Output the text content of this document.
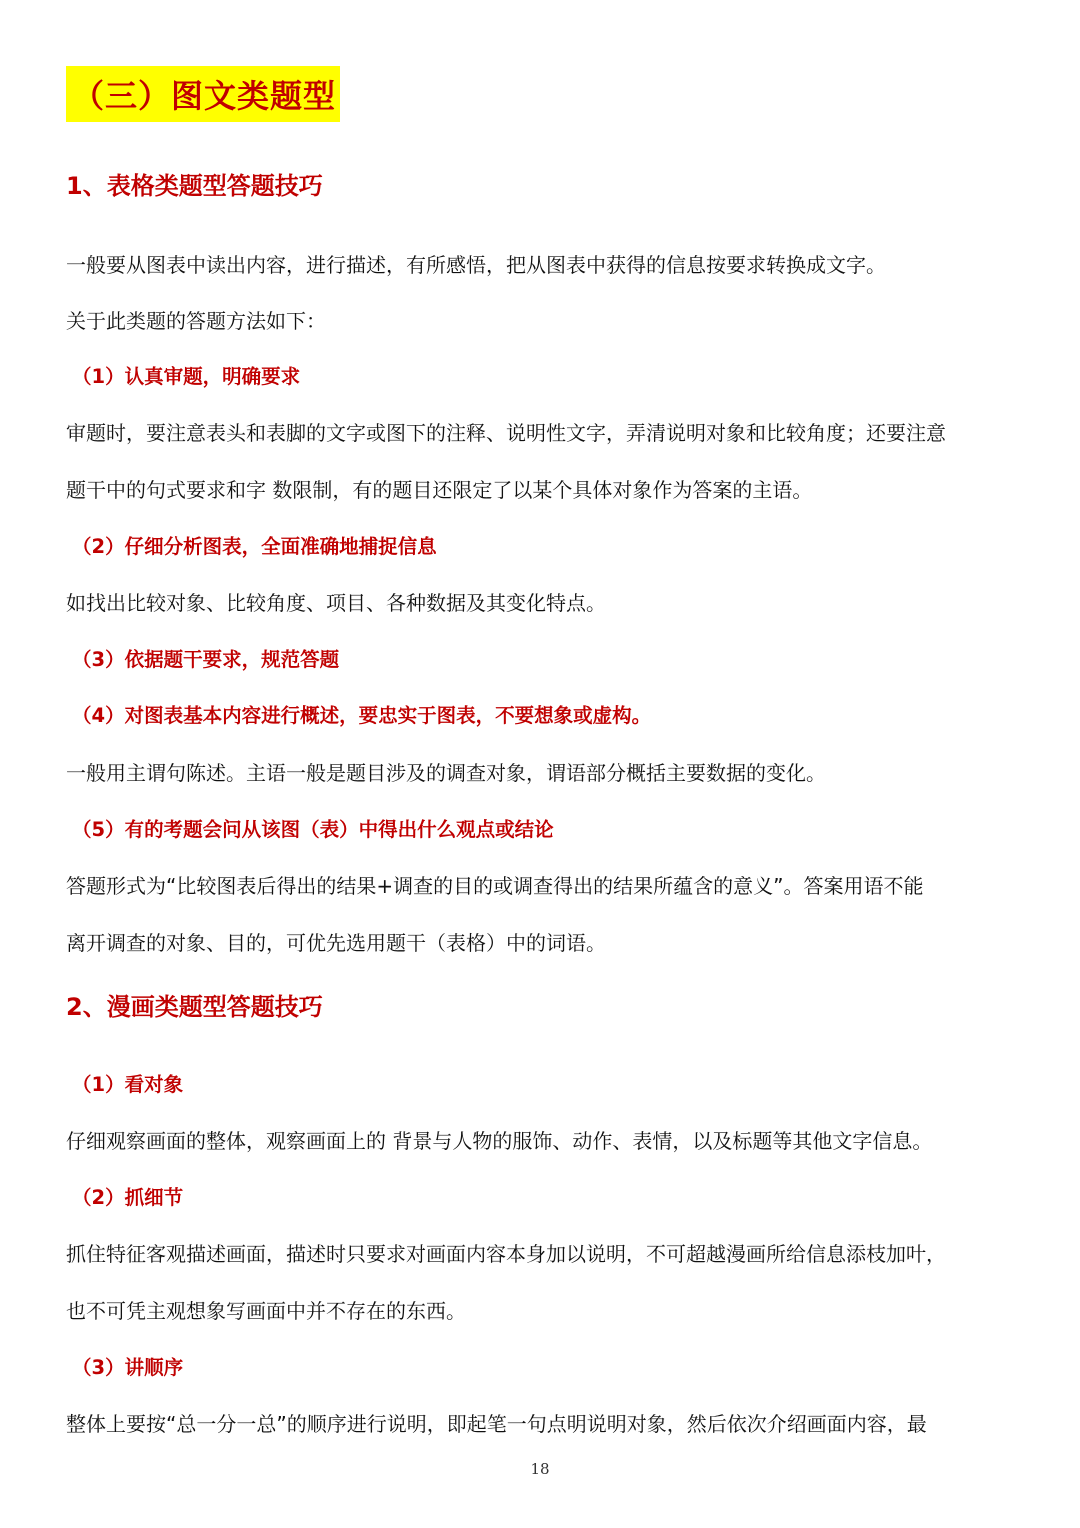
（三）图文类题型
1、表格类题型答题技巧
一般要从图表中读出内容，进行描述，有所感悟，把从图表中获得的信息按要求转换成文字。
关于此类题的答题方法如下：
（1）认真审题，明确要求
审题时，要注意表头和表脚的文字或图下的注释、说明性文字，弄清说明对象和比较角度；还要注意
题干中的句式要求和字 数限制，有的题目还限定了以某个具体对象作为答案的主语。
（2）仔细分析图表，全面准确地捕捉信息
如找出比较对象、比较角度、项目、各种数据及其变化特点。
（3）依据题干要求，规范答题
（4）对图表基本内容进行概述，要忠实于图表，不要想象或虚构。
一般用主谓句陈述。主语一般是题目涉及的调查对象，谓语部分概括主要数据的变化。
（5）有的考题会问从该图（表）中得出什么观点或结论
答题形式为“比较图表后得出的结果+调查的目的或调查得出的结果所蕴含的意义”。答案用语不能
离开调查的对象、目的，可优先选用题干（表格）中的词语。
2、漫画类题型答题技巧
（1）看对象
仔细观察画面的整体，观察画面上的 背景与人物的服饰、动作、表情，以及标题等其他文字信息。
（2）抓细节
抓住特征客观描述画面，描述时只要求对画面内容本身加以说明，不可超越漫画所给信息添枝加叶，
也不可凭主观想象写画面中并不存在的东西。
（3）讲顺序
整体上要按“总一分一总”的顺序进行说明，即起笔一句点明说明对象，然后依次介绍画面内容，最
18
